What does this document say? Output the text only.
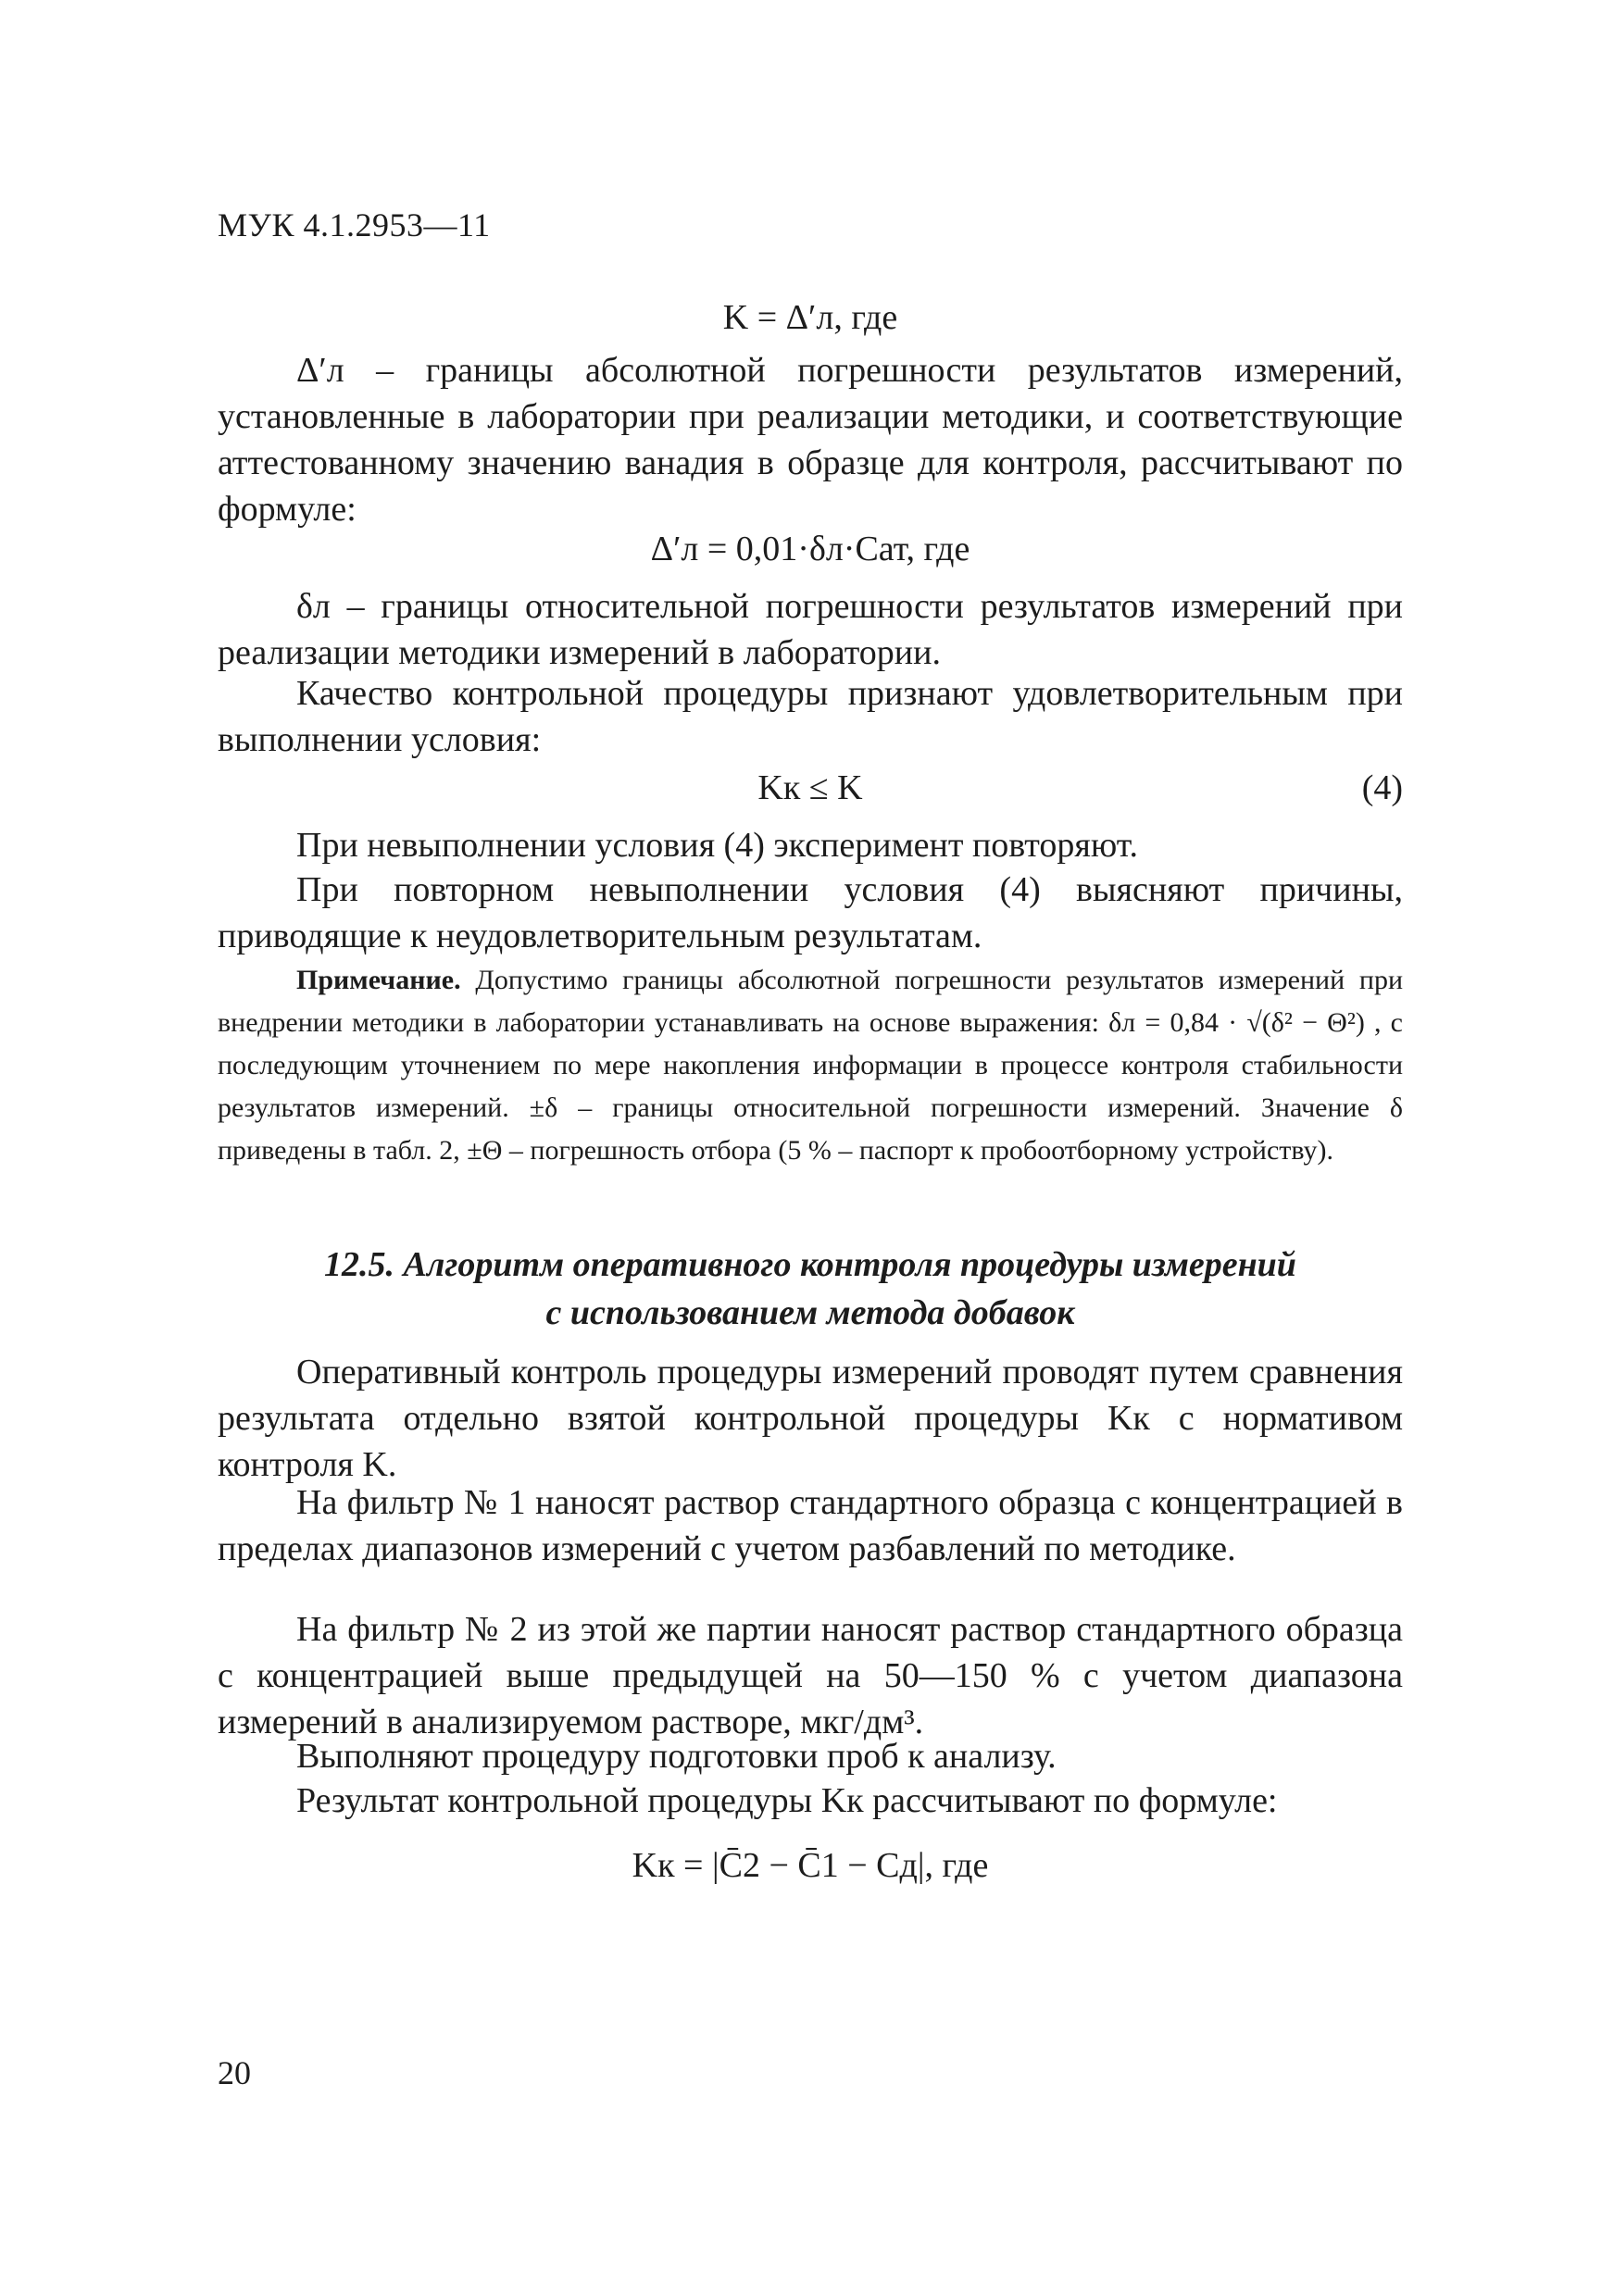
МУК 4.1.2953—11
K = Δ′л, где
Δ′л – границы абсолютной погрешности результатов измерений, установленные в лаборатории при реализации методики, и соответствующие аттестованному значению ванадия в образце для контроля, рассчитывают по формуле:
Δ′л = 0,01·δл·Cат, где
δл – границы относительной погрешности результатов измерений при реализации методики измерений в лаборатории.
Качество контрольной процедуры признают удовлетворительным при выполнении условия:
Kк ≤ K	(4)
При невыполнении условия (4) эксперимент повторяют.
При повторном невыполнении условия (4) выясняют причины, приводящие к неудовлетворительным результатам.
Примечание. Допустимо границы абсолютной погрешности результатов измерений при внедрении методики в лаборатории устанавливать на основе выражения: δл = 0,84 · √(δ² − Θ²) , с последующим уточнением по мере накопления информации в процессе контроля стабильности результатов измерений. ±δ – границы относительной погрешности измерений. Значение δ приведены в табл. 2, ±Θ – погрешность отбора (5 % – паспорт к пробоотборному устройству).
12.5. Алгоритм оперативного контроля процедуры измерений
с использованием метода добавок
Оперативный контроль процедуры измерений проводят путем сравнения результата отдельно взятой контрольной процедуры Kк с нормативом контроля K.
На фильтр № 1 наносят раствор стандартного образца с концентрацией в пределах диапазонов измерений с учетом разбавлений по методике.
На фильтр № 2 из этой же партии наносят раствор стандартного образца с концентрацией выше предыдущей на 50—150 % с учетом диапазона измерений в анализируемом растворе, мкг/дм³.
Выполняют процедуру подготовки проб к анализу.
Результат контрольной процедуры Kк рассчитывают по формуле:
Kк = |C̄2 − C̄1 − Cд|, где
20
